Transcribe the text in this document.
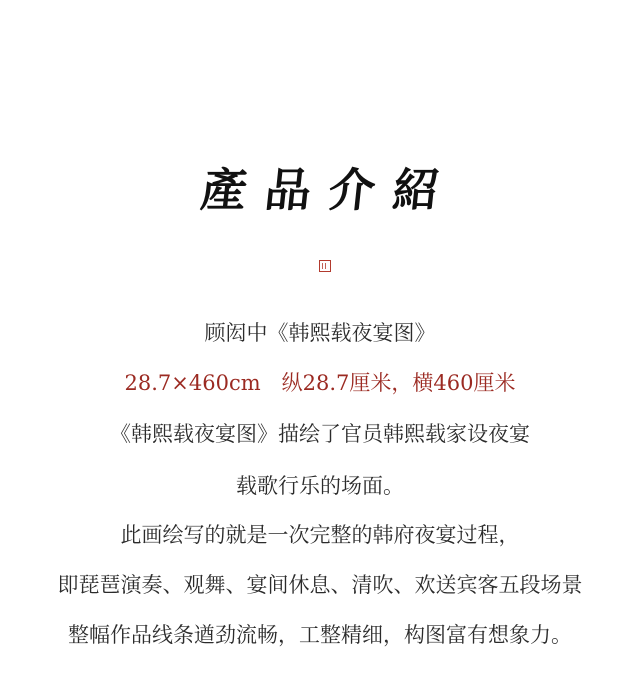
產品介紹
顾闳中《韩熙载夜宴图》
28.7×460cm　纵28.7厘米，横460厘米
《韩熙载夜宴图》描绘了官员韩熙载家设夜宴
载歌行乐的场面。
此画绘写的就是一次完整的韩府夜宴过程，
即琵琶演奏、观舞、宴间休息、清吹、欢送宾客五段场景
整幅作品线条遒劲流畅，工整精细，构图富有想象力。
